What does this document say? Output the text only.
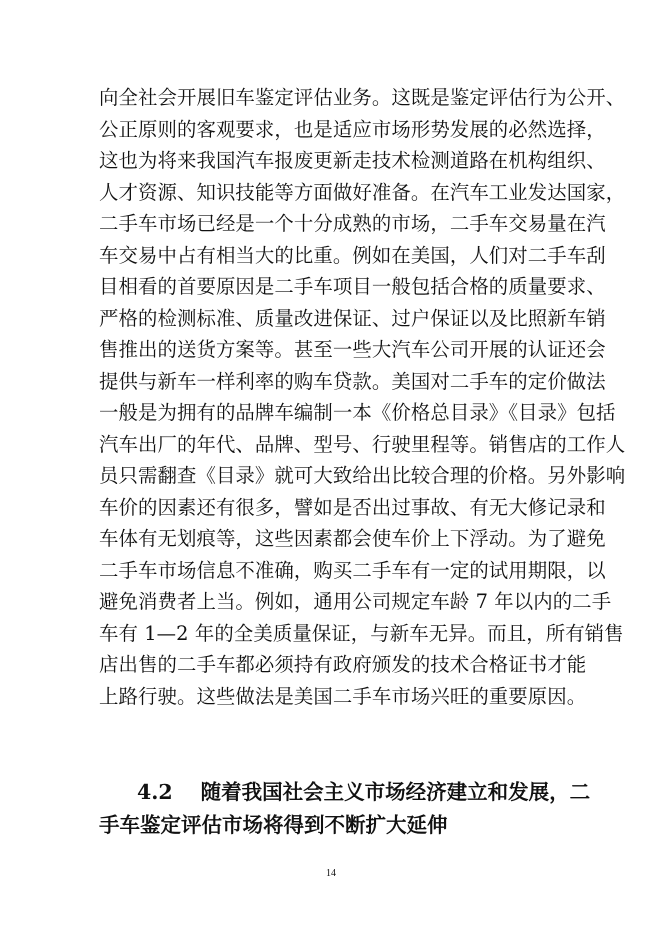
向全社会开展旧车鉴定评估业务。这既是鉴定评估行为公开、
公正原则的客观要求，也是适应市场形势发展的必然选择，
这也为将来我国汽车报废更新走技术检测道路在机构组织、
人才资源、知识技能等方面做好准备。在汽车工业发达国家，
二手车市场已经是一个十分成熟的市场，二手车交易量在汽
车交易中占有相当大的比重。例如在美国，人们对二手车刮
目相看的首要原因是二手车项目一般包括合格的质量要求、
严格的检测标准、质量改进保证、过户保证以及比照新车销
售推出的送货方案等。甚至一些大汽车公司开展的认证还会
提供与新车一样利率的购车贷款。美国对二手车的定价做法
一般是为拥有的品牌车编制一本《价格总目录》《目录》包括
汽车出厂的年代、品牌、型号、行驶里程等。销售店的工作人
员只需翻查《目录》就可大致给出比较合理的价格。另外影响
车价的因素还有很多，譬如是否出过事故、有无大修记录和
车体有无划痕等，这些因素都会使车价上下浮动。为了避免
二手车市场信息不准确，购买二手车有一定的试用期限，以
避免消费者上当。例如，通用公司规定车龄 7 年以内的二手
车有 1—2 年的全美质量保证，与新车无异。而且，所有销售
店出售的二手车都必须持有政府颁发的技术合格证书才能
上路行驶。这些做法是美国二手车市场兴旺的重要原因。
4.2 随着我国社会主义市场经济建立和发展，二
手车鉴定评估市场将得到不断扩大延伸
14
